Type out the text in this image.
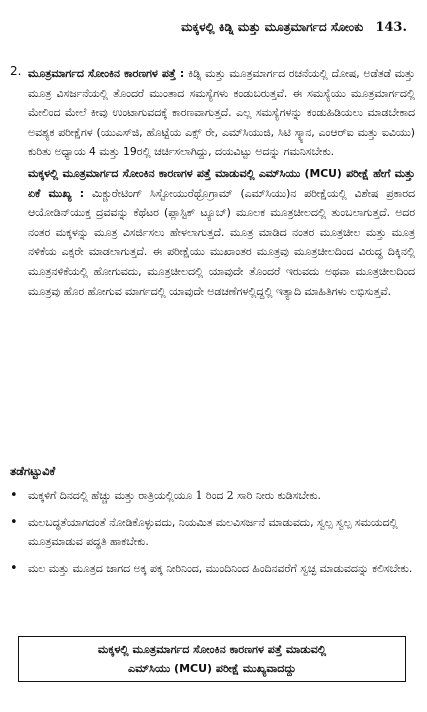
ಮಕ್ಕಳಲ್ಲಿ ಕಿಡ್ನಿ ಮತ್ತು ಮೂತ್ರಮಾರ್ಗದ ಸೋಂಕು 143.
2. ಮೂತ್ರಮಾರ್ಗದ ಸೋಂಕಿನ ಕಾರಣಗಳ ಪತ್ತೆ : ಕಿಡ್ನಿ ಮತ್ತು ಮೂತ್ರಮಾರ್ಗದ ರಚನೆಯಲ್ಲಿ ದೋಷ, ಅಡೆತಡೆ ಮತ್ತು ಮೂತ್ರ ವಿಸರ್ಜನೆಯಲ್ಲಿ ತೊಂದರೆ ಮುಂತಾದ ಸಮಸ್ಯೆಗಳು ಕಂಡುಬರುತ್ತವೆ. ಈ ಸಮಸ್ಯೆಯು ಮೂತ್ರಮಾರ್ಗದಲ್ಲಿ ಮೇಲಿಂದ ಮೇಲೆ ಕೀವು ಉಂಟಾಗುವದಕ್ಕೆ ಕಾರಣವಾಗುತ್ತದೆ. ಎಲ್ಲ ಸಮಸ್ಯೆಗಳನ್ನು ಕಂಡುಹಿಡಿಯಲು ಮಾಡಬೇಕಾದ ಅವಶ್ಯಕ ಪರೀಕ್ಷೆಗಳ (ಯುಎಸ್‌ಜಿ, ಹೊಟ್ಟೆಯ ಎಕ್ಸ್ ರೇ, ಎಮ್‌ಸಿಯುಜಿ, ಸಿಟಿ ಸ್ಕ್ಯಾನ, ಎಂಆರ್‌ಐ ಮತ್ತು ಐವಿಯು) ಕುರಿತು ಅಧ್ಯಾಯ 4 ಮತ್ತು 19ರಲ್ಲಿ ಚರ್ಚಿಸಲಾಗಿದ್ದು, ದಯವಿಟ್ಟು ಅದನ್ನು ಗಮನಿಸಬೇಕು.
ಮಕ್ಕಳಲ್ಲಿ ಮೂತ್ರಮಾರ್ಗದ ಸೋಂಕಿನ ಕಾರಣಗಳ ಪತ್ತೆ ಮಾಡುವಲ್ಲಿ ಎಮ್‌ಸಿಯು (MCU) ಪರೀಕ್ಷೆ ಹೇಗೆ ಮತ್ತು ಏಕೆ ಮುಖ್ಯ : ಮಿಕ್ಚುರೇಟಿಂಗ್ ಸಿಸ್ಟೋಯುರೆಥ್ರೊಗ್ರಾಮ್ (ಎಮ್‌ಸಿಯು)ನ ಪರೀಕ್ಷೆಯಲ್ಲಿ ವಿಶೇಷ ಪ್ರಕಾರದ ಆಯೋಡಿನ್‌ಯುಕ್ತ ದ್ರವವನ್ನು ಕೆಥೆಟರ (ಪ್ಲಾಸ್ಟಿಕ್ ಟ್ಯೂಬ್) ಮೂಲಕ ಮೂತ್ರಚೀಲದಲ್ಲಿ ತುಂಬಲಾಗುತ್ತದೆ. ಅದರ ನಂತರ ಮಕ್ಕಳನ್ನು ಮೂತ್ರ ವಿಸರ್ಜಿಸಲು ಹೇಳಲಾಗುತ್ತದೆ. ಮೂತ್ರ ಮಾಡಿದ ನಂತರ ಮೂತ್ರಚೀಲ ಮತ್ತು ಮೂತ್ರ ನಳಿಕೆಯ ಎಕ್ಸರೇ ಮಾಡಲಾಗುತ್ತದೆ. ಈ ಪರೀಕ್ಷೆಯು ಮುಖಾಂತರ ಮೂತ್ರವು ಮೂತ್ರಚೀಲದಿಂದ ವಿರುದ್ಧ ದಿಕ್ಕಿನಲ್ಲಿ ಮೂತ್ರನಳಿಕೆಯಲ್ಲಿ ಹೋಗುವದು, ಮೂತ್ರಚೀಲದಲ್ಲಿ ಯಾವುದೇ ತೊಂದರೆ ಇರುವದು ಅಥವಾ ಮೂತ್ರಚೀಲದಿಂದ ಮೂತ್ರವು ಹೊರ ಹೋಗುವ ಮಾರ್ಗದಲ್ಲಿ ಯಾವುದೇ ಅಡಚಣೆಗಳಲ್ಲಿದ್ದಲ್ಲಿ ಇತ್ಯಾದಿ ಮಾಹಿತಿಗಳು ಲಭಿಸುತ್ತವೆ.
ತಡೆಗಟ್ಟುವಿಕೆ
• ಮಕ್ಕಳಿಗೆ ದಿನದಲ್ಲಿ ಹೆಚ್ಚು ಮತ್ತು ರಾತ್ರಿಯಲ್ಲಿಯೂ 1 ರಿಂದ 2 ಸಾರಿ ನೀರು ಕುಡಿಸಬೇಕು.
• ಮಲಬದ್ಧತೆಯಾಗದಂತೆ ನೋಡಿಕೊಳ್ಳುವದು, ನಿಯಮಿತ ಮಲವಿಸರ್ಜನೆ ಮಾಡುವದು, ಸ್ವಲ್ಪ ಸ್ವಲ್ಪ ಸಮಯದಲ್ಲಿ ಮೂತ್ರಮಾಡುವ ಪದ್ಧತಿ ಹಾಕಬೇಕು.
• ಮಲ ಮತ್ತು ಮೂತ್ರದ ಜಾಗದ ಅಕ್ಕ ಪಕ್ಕ ನೀರಿನಿಂದ, ಮುಂದಿನಿಂದ ಹಿಂದಿನವರೆಗೆ ಸ್ವಚ್ಛ ಮಾಡುವದನ್ನು ಕಲಿಸಬೇಕು.
ಮಕ್ಕಳಲ್ಲಿ ಮೂತ್ರಮಾರ್ಗದ ಸೋಂಕಿನ ಕಾರಣಗಳ ಪತ್ತೆ ಮಾಡುವಲ್ಲಿ
ಎಮ್‌ಸಿಯು (MCU) ಪರೀಕ್ಷೆ ಮುಖ್ಯವಾದದ್ದು
